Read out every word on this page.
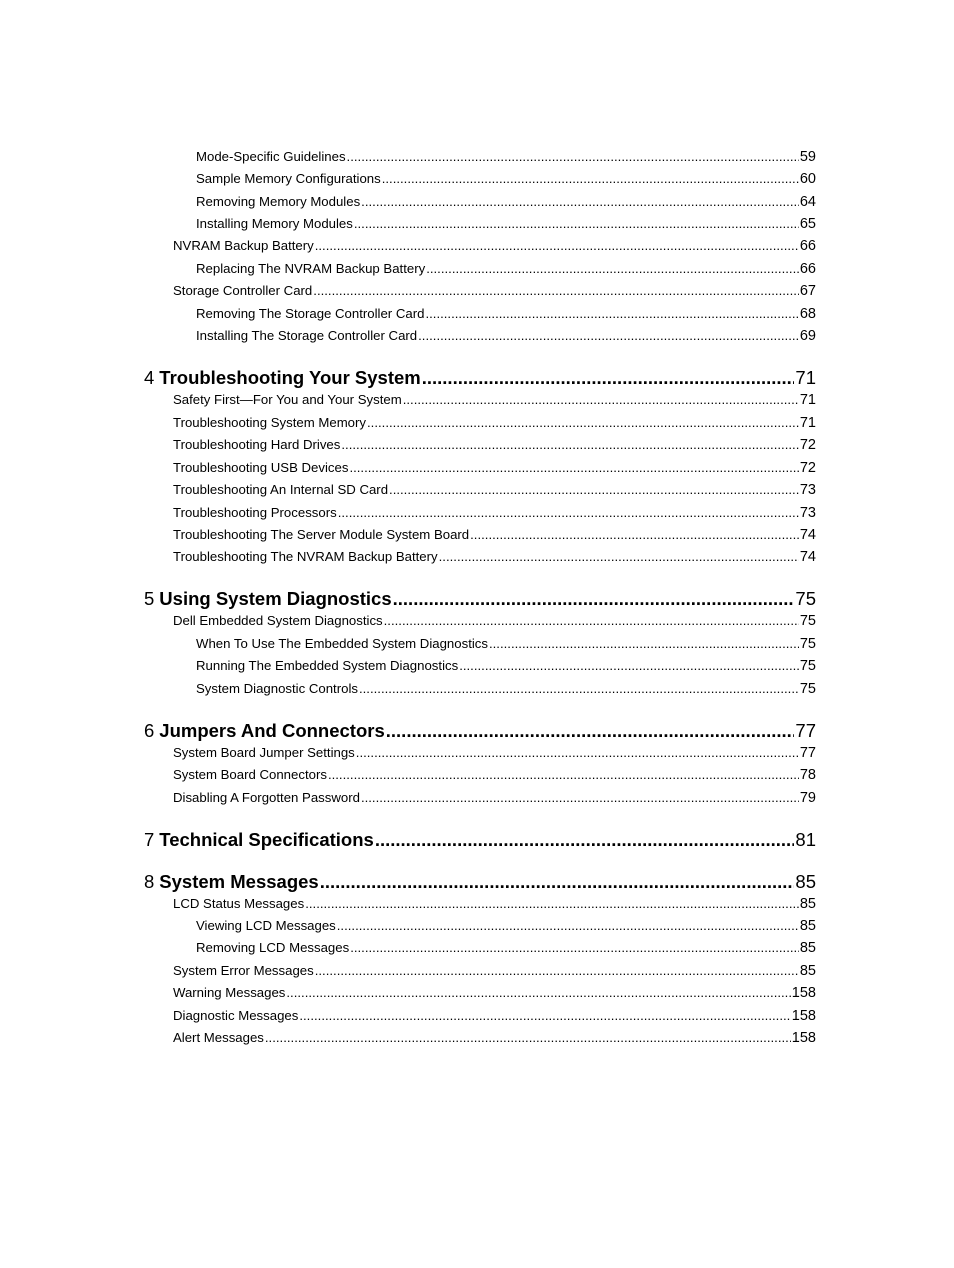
Mode-Specific Guidelines .....	59
Sample Memory Configurations .....	60
Removing Memory Modules .....	64
Installing Memory Modules .....	65
NVRAM Backup Battery .....	66
Replacing The NVRAM Backup Battery .....	66
Storage Controller Card .....	67
Removing The Storage Controller Card .....	68
Installing The Storage Controller Card .....	69
4 Troubleshooting Your System .....	71
Safety First—For You and Your System .....	71
Troubleshooting System Memory .....	71
Troubleshooting Hard Drives .....	72
Troubleshooting USB Devices .....	72
Troubleshooting An Internal SD Card .....	73
Troubleshooting Processors .....	73
Troubleshooting The Server Module System Board .....	74
Troubleshooting The NVRAM Backup Battery .....	74
5 Using System Diagnostics .....	75
Dell Embedded System Diagnostics .....	75
When To Use The Embedded System Diagnostics .....	75
Running The Embedded System Diagnostics .....	75
System Diagnostic Controls .....	75
6 Jumpers And Connectors .....	77
System Board Jumper Settings .....	77
System Board Connectors .....	78
Disabling A Forgotten Password .....	79
7 Technical Specifications .....	81
8 System Messages .....	85
LCD Status Messages .....	85
Viewing LCD Messages .....	85
Removing LCD Messages .....	85
System Error Messages .....	85
Warning Messages .....	158
Diagnostic Messages .....	158
Alert Messages .....	158
